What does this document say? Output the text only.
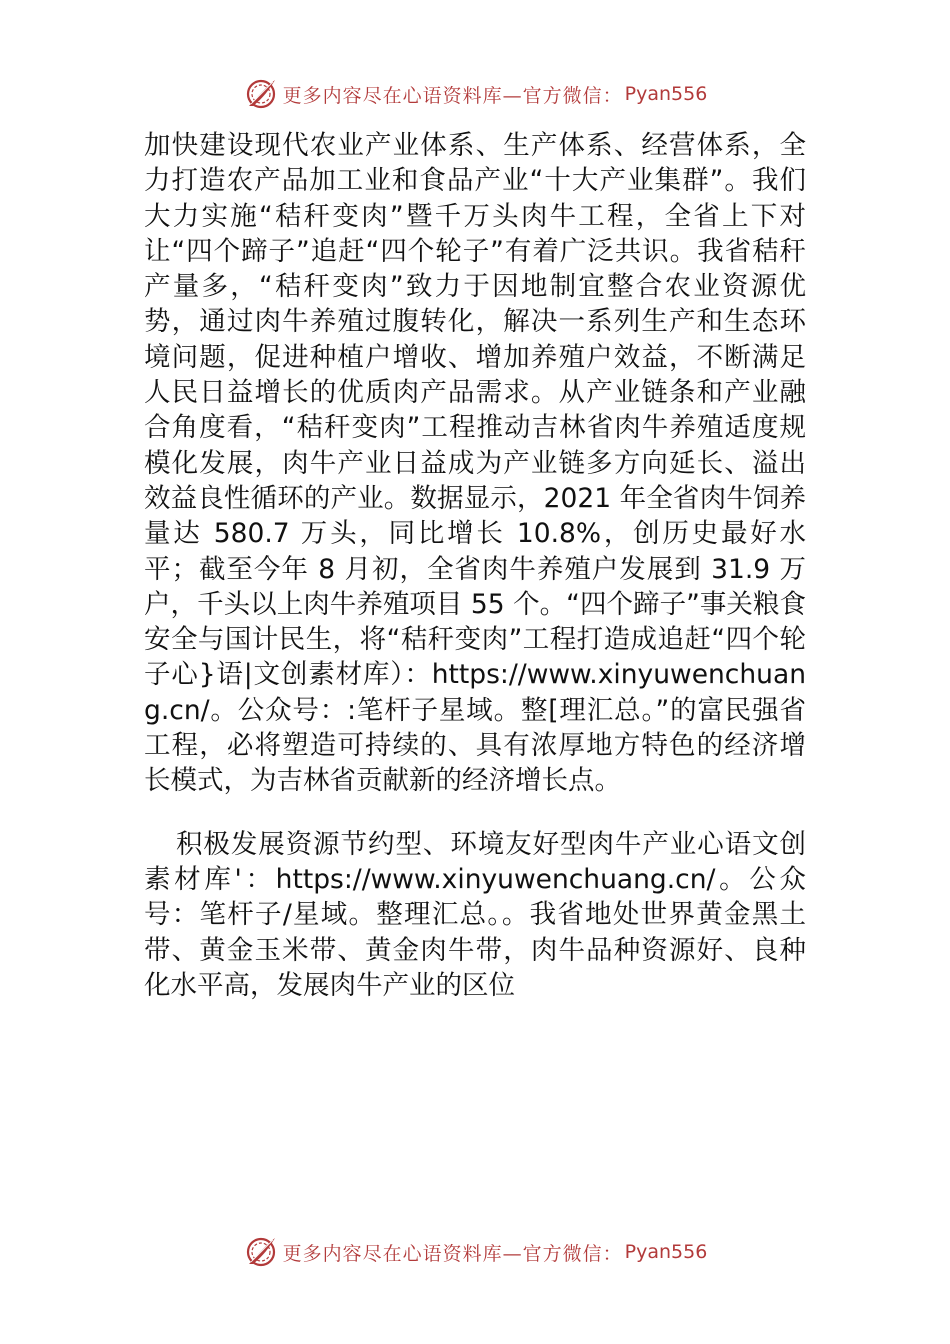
更多内容尽在心语资料库—官方微信： Pyan556

加快建设现代农业产业体系、生产体系、经营体系，全力打造农产品加工业和食品产业“十大产业集群”。我们大力实施“秸秆变肉”暨千万头肉牛工程，全省上下对让“四个蹄子”追赶“四个轮子”有着广泛共识。我省秸秆产量多，“秸秆变肉”致力于因地制宜整合农业资源优势，通过肉牛养殖过腹转化，解决一系列生产和生态环境问题，促进种植户增收、增加养殖户效益，不断满足人民日益增长的优质肉产品需求。从产业链条和产业融合角度看，“秸秆变肉”工程推动吉林省肉牛养殖适度规模化发展，肉牛产业日益成为产业链多方向延长、溢出效益良性循环的产业。数据显示，2021 年全省肉牛饲养量达 580.7 万头，同比增长 10.8%，创历史最好水平；截至今年 8 月初，全省肉牛养殖户发展到 31.9 万户，千头以上肉牛养殖项目 55 个。“四个蹄子”事关粮食安全与国计民生，将“秸秆变肉”工程打造成追赶“四个轮子心}语|文创素材库）：https://www.xinyuwenchuang.cn/。公众号：:笔杆子星域。整[理汇总。”的富民强省工程，必将塑造可持续的、具有浓厚地方特色的经济增长模式，为吉林省贡献新的经济增长点。

积极发展资源节约型、环境友好型肉牛产业心语文创素材库'：https://www.xinyuwenchuang.cn/。公众号：笔杆子/星域。整理汇总。。我省地处世界黄金黑土带、黄金玉米带、黄金肉牛带，肉牛品种资源好、良种化水平高，发展肉牛产业的区位

更多内容尽在心语资料库—官方微信： Pyan556
